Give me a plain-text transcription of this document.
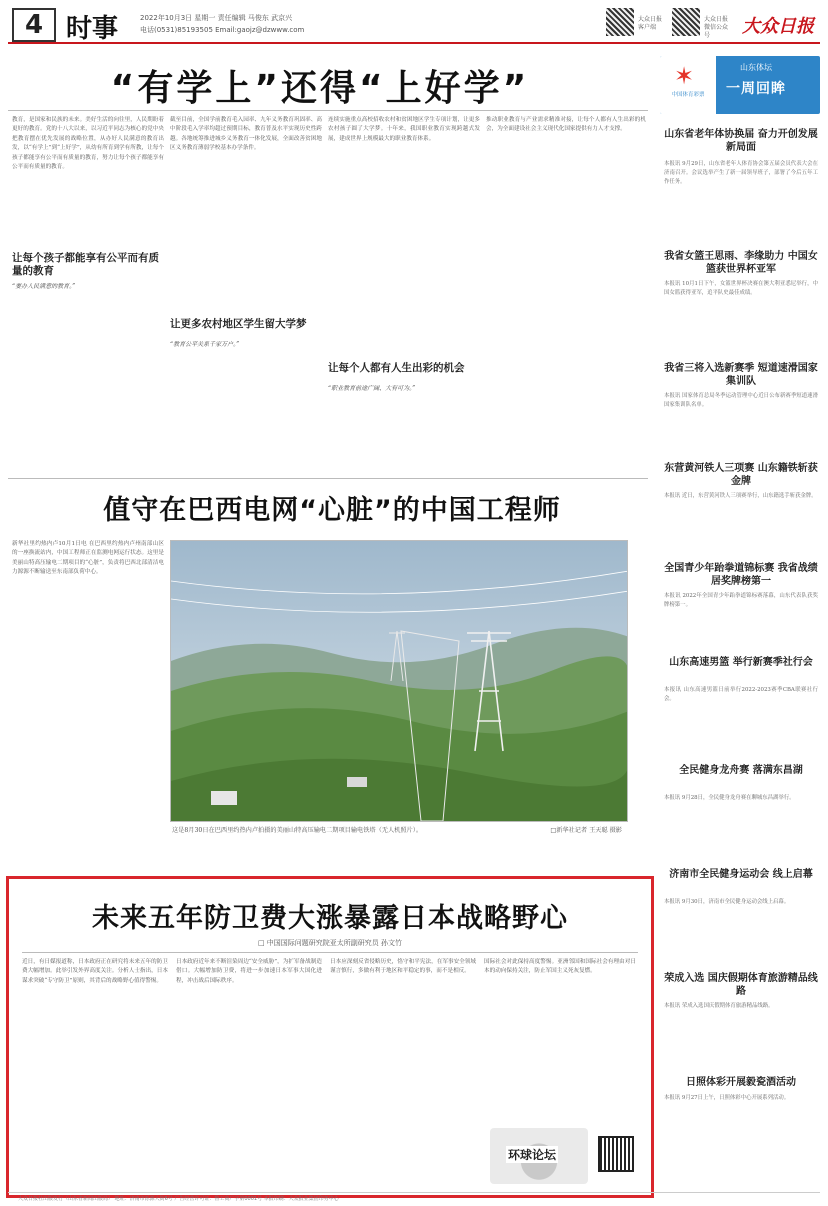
4 时事	2022年10月3日 星期一 责任编辑 马俊东 武京兴
电话(0531)85193505 Email:gaojz@dzwww.com
大众日报客户端
大众日报微信公众号	大众日报
“有学上”还得“上好学”
教育，是国家和民族的未来。美好生活的向往里，人民期盼着更好的教育。党的十八大以来，以习近平同志为核心的党中央把教育摆在优先发展的战略位置，从办好人民满意的教育出发，以“有学上”到“上好学”，从幼有所育到学有所教，让每个孩子都能享有公平而有质量的教育，努力让每个孩子都能享有公平而有质量的教育。
让每个孩子都能享有公平而有质量的教育
“要办人民满意的教育。”
截至目前，全国学前教育毛入园率、九年义务教育巩固率、高中阶段毛入学率均超过预期目标，教育普及水平实现历史性跨越。各地统筹推进城乡义务教育一体化发展，全面改善贫困地区义务教育薄弱学校基本办学条件。
让更多农村地区学生留大学梦
“教育公平关系千家万户。”
连续实施重点高校招收农村和贫困地区学生专项计划，让更多农村孩子圆了大学梦。十年来，我国职业教育实现跨越式发展，建成世界上规模最大的职业教育体系。
让每个人都有人生出彩的机会
“职业教育前途广阔、大有可为。”
推动职业教育与产业需求精准对接，让每个人都有人生出彩的机会，为全面建设社会主义现代化国家提供有力人才支撑。
值守在巴西电网“心脏”的中国工程师
新华社里约热内卢10月1日电 在巴西里约热内卢州南部山区的一座换流站内，中国工程师正在监测电网运行状态。这里是美丽山特高压输电二期项目的“心脏”，负责将巴西北部清洁电力源源不断输送至东南部负荷中心。
这是8月30日在巴西里约热内卢拍摄的美丽山特高压输电二期项目输电铁塔（无人机照片）。	□新华社记者 王天聪 摄影
未来五年防卫费大涨暴露日本战略野心
□ 中国国际问题研究院亚太所副研究员 孙文竹
近日，有日媒报道称，日本政府正在研究将未来五年的防卫费大幅增加。此举引发外界高度关注。分析人士指出，日本谋求突破“专守防卫”原则，其背后的战略野心值得警惕。
日本政府近年来不断渲染周边“安全威胁”，为扩军备战制造借口。大幅增加防卫费，将进一步加速日本军事大国化进程，冲击战后国际秩序。
日本应深刻反省侵略历史，恪守和平宪法，在军事安全领域谨言慎行，多做有利于地区和平稳定的事，而不是相反。
国际社会对此保持高度警惕。亚洲邻国和国际社会有理由对日本的动向保持关注，防止军国主义死灰复燃。
环球论坛
✶
中国体育彩票
山东体坛
一周回眸
山东省老年体协换届 奋力开创发展新局面
本报讯 9月29日，山东省老年人体育协会第五届会员代表大会在济南召开。会议选举产生了新一届领导班子，部署了今后五年工作任务。
我省女篮王思雨、李缘助力 中国女篮获世界杯亚军
本报讯 10月1日下午，女篮世界杯决赛在澳大利亚悉尼举行，中国女篮获得亚军，追平队史最佳成绩。
我省三将入选新赛季 短道速滑国家集训队
本报讯 国家体育总局冬季运动管理中心近日公布新赛季短道速滑国家集训队名单。
东营黄河铁人三项赛 山东籍铁斩获金牌
本报讯 近日，东营黄河铁人三项赛举行，山东籍选手斩获金牌。
全国青少年跆拳道锦标赛 我省战绩居奖牌榜第一
本报讯 2022年全国青少年跆拳道锦标赛落幕，山东代表队获奖牌榜第一。
山东高速男篮 举行新赛季社行会
本报讯 山东高速男篮日前举行2022-2023赛季CBA联赛社行会。
全民健身龙舟赛 落满东昌湖
本报讯 9月28日，全民健身龙舟赛在聊城东昌湖举行。
济南市全民健身运动会 线上启幕
本报讯 9月30日，济南市全民健身运动会线上启幕。
荣成入选 国庆假期体育旅游精品线路
本报讯 荣成入选国庆假期体育旅游精品线路。
日照体彩开展毅瓷酒活动
本报讯 9月27日上午，日照体彩中心开展系列活动。
大众日报社出版发行（山东省新闻出版局） 地址：济南市泺源大街6号 广告经营许可证：鲁工商广字第0001号 本报印刷：大众报业集团印务中心
